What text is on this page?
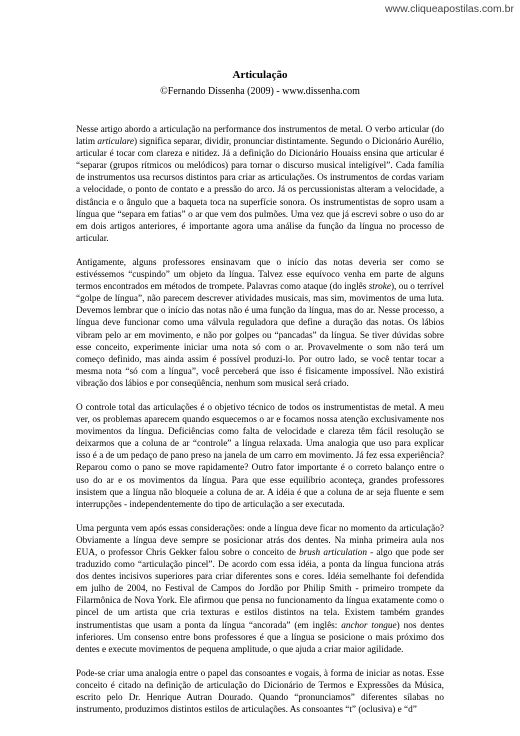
www.cliqueapostilas.com.br
Articulação
©Fernando Dissenha (2009) - www.dissenha.com

Nesse artigo abordo a articulação na performance dos instrumentos de metal. O verbo articular (do latim articulare) significa separar, dividir, pronunciar distintamente. Segundo o Dicionário Aurélio, articular é tocar com clareza e nitidez. Já a definição do Dicionário Houaiss ensina que articular é “separar (grupos rítmicos ou melódicos) para tornar o discurso musical inteligível”. Cada família de instrumentos usa recursos distintos para criar as articulações. Os instrumentos de cordas variam a velocidade, o ponto de contato e a pressão do arco. Já os percussionistas alteram a velocidade, a distância e o ângulo que a baqueta toca na superfície sonora. Os instrumentistas de sopro usam a língua que “separa em fatias” o ar que vem dos pulmões. Uma vez que já escrevi sobre o uso do ar em dois artigos anteriores, é importante agora uma análise da função da língua no processo de articular.

Antigamente, alguns professores ensinavam que o início das notas deveria ser como se estivéssemos “cuspindo” um objeto da língua. Talvez esse equívoco venha em parte de alguns termos encontrados em métodos de trompete. Palavras como ataque (do inglês stroke), ou o terrível “golpe de língua”, não parecem descrever atividades musicais, mas sim, movimentos de uma luta. Devemos lembrar que o início das notas não é uma função da língua, mas do ar. Nesse processo, a língua deve funcionar como uma válvula reguladora que define a duração das notas. Os lábios vibram pelo ar em movimento, e não por golpes ou “pancadas” da língua. Se tiver dúvidas sobre esse conceito, experimente iniciar uma nota só com o ar. Provavelmente o som não terá um começo definido, mas ainda assim é possível produzi-lo. Por outro lado, se você tentar tocar a mesma nota “só com a língua”, você perceberá que isso é fisicamente impossível. Não existirá vibração dos lábios e por conseqüência, nenhum som musical será criado.

O controle total das articulações é o objetivo técnico de todos os instrumentistas de metal. A meu ver, os problemas aparecem quando esquecemos o ar e focamos nossa atenção exclusivamente nos movimentos da língua. Deficiências como falta de velocidade e clareza têm fácil resolução se deixarmos que a coluna de ar “controle” a língua relaxada. Uma analogia que uso para explicar isso é a de um pedaço de pano preso na janela de um carro em movimento. Já fez essa experiência? Reparou como o pano se move rapidamente? Outro fator importante é o correto balanço entre o uso do ar e os movimentos da língua. Para que esse equilíbrio aconteça, grandes professores insistem que a língua não bloqueie a coluna de ar. A idéia é que a coluna de ar seja fluente e sem interrupções - independentemente do tipo de articulação a ser executada.

Uma pergunta vem após essas considerações: onde a língua deve ficar no momento da articulação? Obviamente a língua deve sempre se posicionar atrás dos dentes. Na minha primeira aula nos EUA, o professor Chris Gekker falou sobre o conceito de brush articulation - algo que pode ser traduzido como “articulação pincel”. De acordo com essa idéia, a ponta da língua funciona atrás dos dentes incisivos superiores para criar diferentes sons e cores. Idéia semelhante foi defendida em julho de 2004, no Festival de Campos do Jordão por Philip Smith - primeiro trompete da Filarmônica de Nova York. Ele afirmou que pensa no funcionamento da língua exatamente como o pincel de um artista que cria texturas e estilos distintos na tela. Existem também grandes instrumentistas que usam a ponta da língua “ancorada” (em inglês: anchor tongue) nos dentes inferiores. Um consenso entre bons professores é que a língua se posicione o mais próximo dos dentes e execute movimentos de pequena amplitude, o que ajuda a criar maior agilidade.

Pode-se criar uma analogia entre o papel das consoantes e vogais, à forma de iniciar as notas. Esse conceito é citado na definição de articulação do Dicionário de Termos e Expressões da Música, escrito pelo Dr. Henrique Autran Dourado. Quando “pronunciamos” diferentes sílabas no instrumento, produzimos distintos estilos de articulações. As consoantes “t” (oclusiva) e “d”
